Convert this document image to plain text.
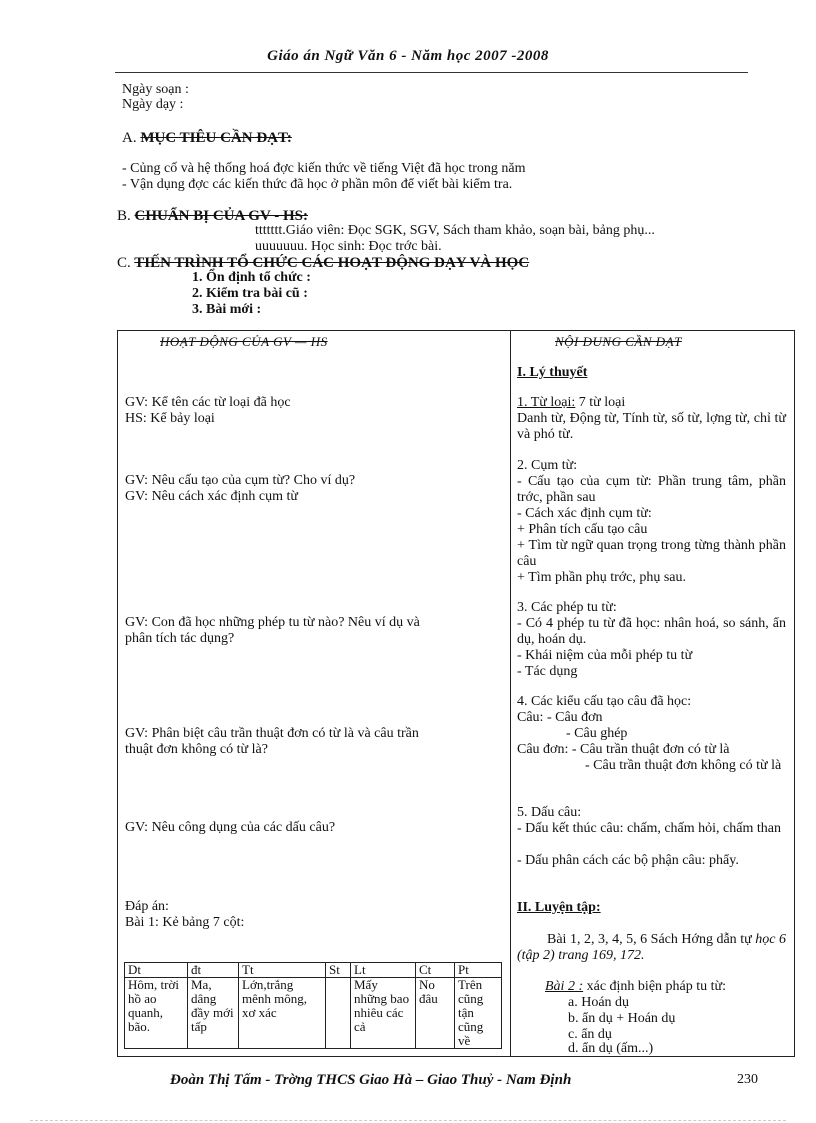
Giáo án Ngữ Văn 6 - Năm học 2007 -2008
Ngày soạn :
Ngày dạy :
A. MỤC TIÊU CẦN ĐẠT:
- Củng cố và hệ thống hoá đợc kiến thức về tiếng Việt đã học trong năm
- Vận dụng đợc các kiến thức đã học ở phần môn để viết bài kiểm tra.
B. CHUẨN BỊ CỦA GV - HS:
ttttttt.Giáo viên: Đọc SGK, SGV, Sách tham khảo, soạn bài, bảng phụ...
uuuuuuu. Học sinh: Đọc trớc bài.
C. TIẾN TRÌNH TỔ CHỨC CÁC HOẠT ĐỘNG DẠY VÀ HỌC
1. Ổn định tổ chức :
2. Kiểm tra bài cũ :
3. Bài mới :
HOẠT ĐỘNG CỦA GV — HS	NỘI DUNG CẦN ĐẠT
GV: Kể tên các từ loại đã học
HS: Kể bảy loại
GV: Nêu cấu tạo của cụm từ? Cho ví dụ?
GV: Nêu cách xác định cụm từ
GV: Con đã học những phép tu từ nào? Nêu ví dụ và
phân tích tác dụng?
GV: Phân biệt câu trần thuật đơn có từ là và câu trần
thuật đơn không có từ là?
GV: Nêu công dụng của các dấu câu?
Đáp án:
Bài 1: Kẻ bảng 7 cột:
Dt	đt	Tt	St	Lt	Ct	Pt
Hôm, trời hồ ao quanh, bão.	Ma, dâng đầy mới tấp	Lớn,trắng mênh mông, xơ xác		Mấy những bao nhiêu các cả	No đâu	Trên cũng tận cũng về
I. Lý thuyết
1. Từ loại: 7 từ loại
Danh từ, Động từ, Tính từ, số từ, lợng từ, chỉ từ và phó từ.
2. Cụm từ:
- Cấu tạo của cụm từ: Phần trung tâm, phần trớc, phần sau
- Cách xác định cụm từ:
+ Phân tích cấu tạo câu
+ Tìm từ ngữ quan trọng trong từng thành phần câu
+ Tìm phần phụ trớc, phụ sau.
3. Các phép tu từ:
- Có 4 phép tu từ đã học: nhân hoá, so sánh, ẩn dụ, hoán dụ.
- Khái niệm của mỗi phép tu từ
- Tác dụng
4. Các kiểu cấu tạo câu đã học:
Câu: - Câu đơn
- Câu ghép
Câu đơn: - Câu trần thuật đơn có từ là
- Câu trần thuật đơn không có từ là
5. Dấu câu:
- Dấu kết thúc câu: chấm, chấm hỏi, chấm than
- Dấu phân cách các bộ phận câu: phẩy.
II. Luyện tập:
Bài 1, 2, 3, 4, 5, 6 Sách Hớng dẫn tự học 6 (tập 2) trang 169, 172.
Bài 2 : xác định biện pháp tu từ:
a. Hoán dụ
b. ẩn dụ + Hoán dụ
c. ẩn dụ
d. ẩn dụ (ấm...)
Đoàn Thị Tấm - Trờng THCS Giao Hà – Giao Thuỷ - Nam Định	230
